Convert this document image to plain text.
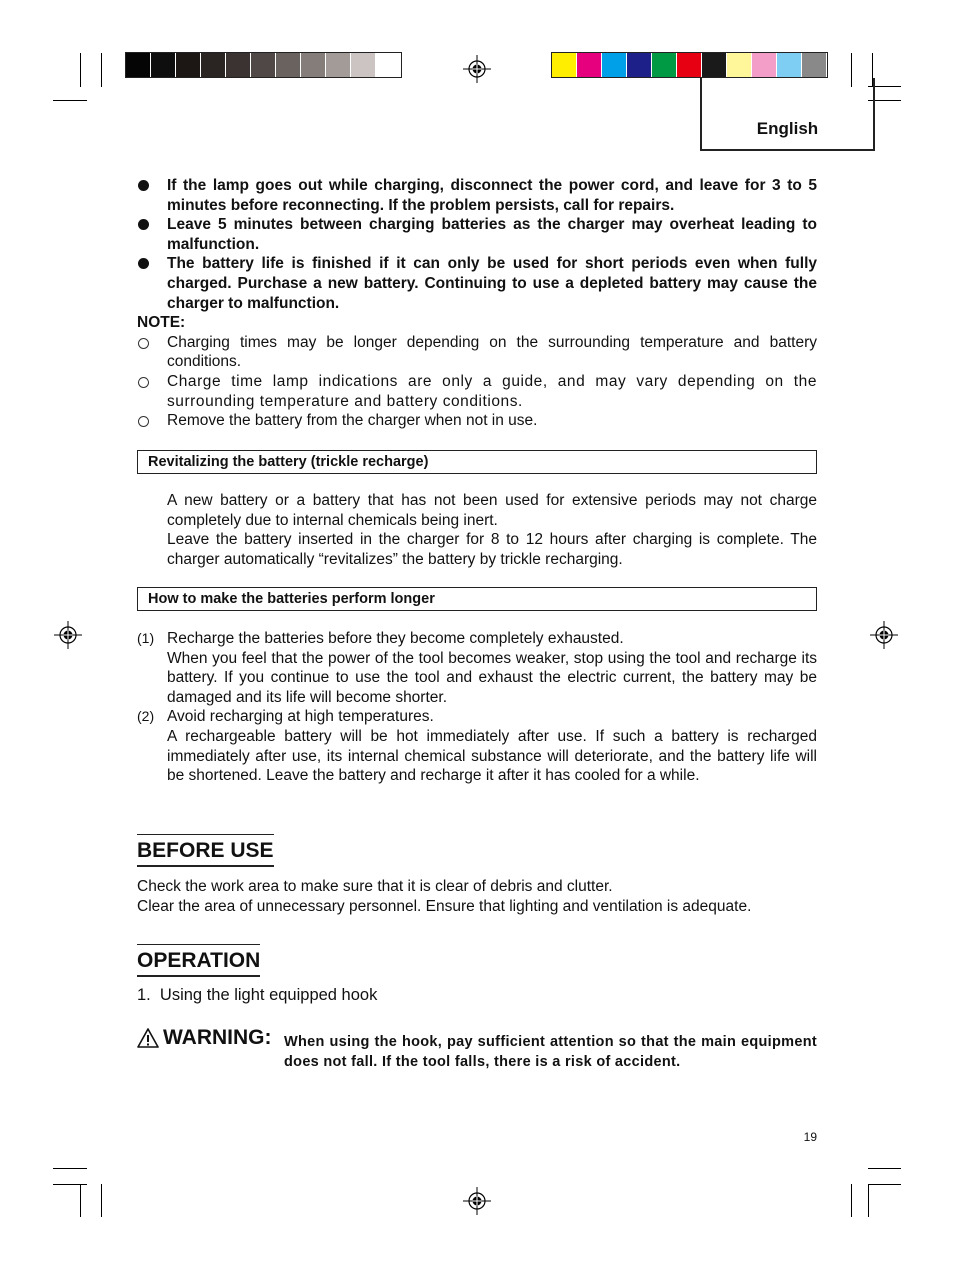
English
If the lamp goes out while charging, disconnect the power cord, and leave for 3 to 5 minutes before reconnecting. If the problem persists, call for repairs.
Leave 5 minutes between charging batteries as the charger may overheat leading to malfunction.
The battery life is finished if it can only be used for short periods even when fully charged. Purchase a new battery. Continuing to use a depleted battery may cause the charger to malfunction.
NOTE:
Charging times may be longer depending on the surrounding temperature and battery conditions.
Charge time lamp indications are only a guide, and may vary depending on the surrounding temperature and battery conditions.
Remove the battery from the charger when not in use.
Revitalizing the battery (trickle recharge)
A new battery or a battery that has not been used for extensive periods may not charge completely due to internal chemicals being inert.
Leave the battery inserted in the charger for 8 to 12 hours after charging is complete. The charger automatically “revitalizes” the battery by trickle recharging.
How to make the batteries perform longer
(1) Recharge the batteries before they become completely exhausted.
When you feel that the power of the tool becomes weaker, stop using the tool and recharge its battery. If you continue to use the tool and exhaust the electric current, the battery may be damaged and its life will become shorter.
(2) Avoid recharging at high temperatures.
A rechargeable battery will be hot immediately after use. If such a battery is recharged immediately after use, its internal chemical substance will deteriorate, and the battery life will be shortened. Leave the battery and recharge it after it has cooled for a while.
BEFORE USE
Check the work area to make sure that it is clear of debris and clutter.
Clear the area of unnecessary personnel. Ensure that lighting and ventilation is adequate.
OPERATION
1.  Using the light equipped hook
WARNING: When using the hook, pay sufficient attention so that the main equipment does not fall. If the tool falls, there is a risk of accident.
19
